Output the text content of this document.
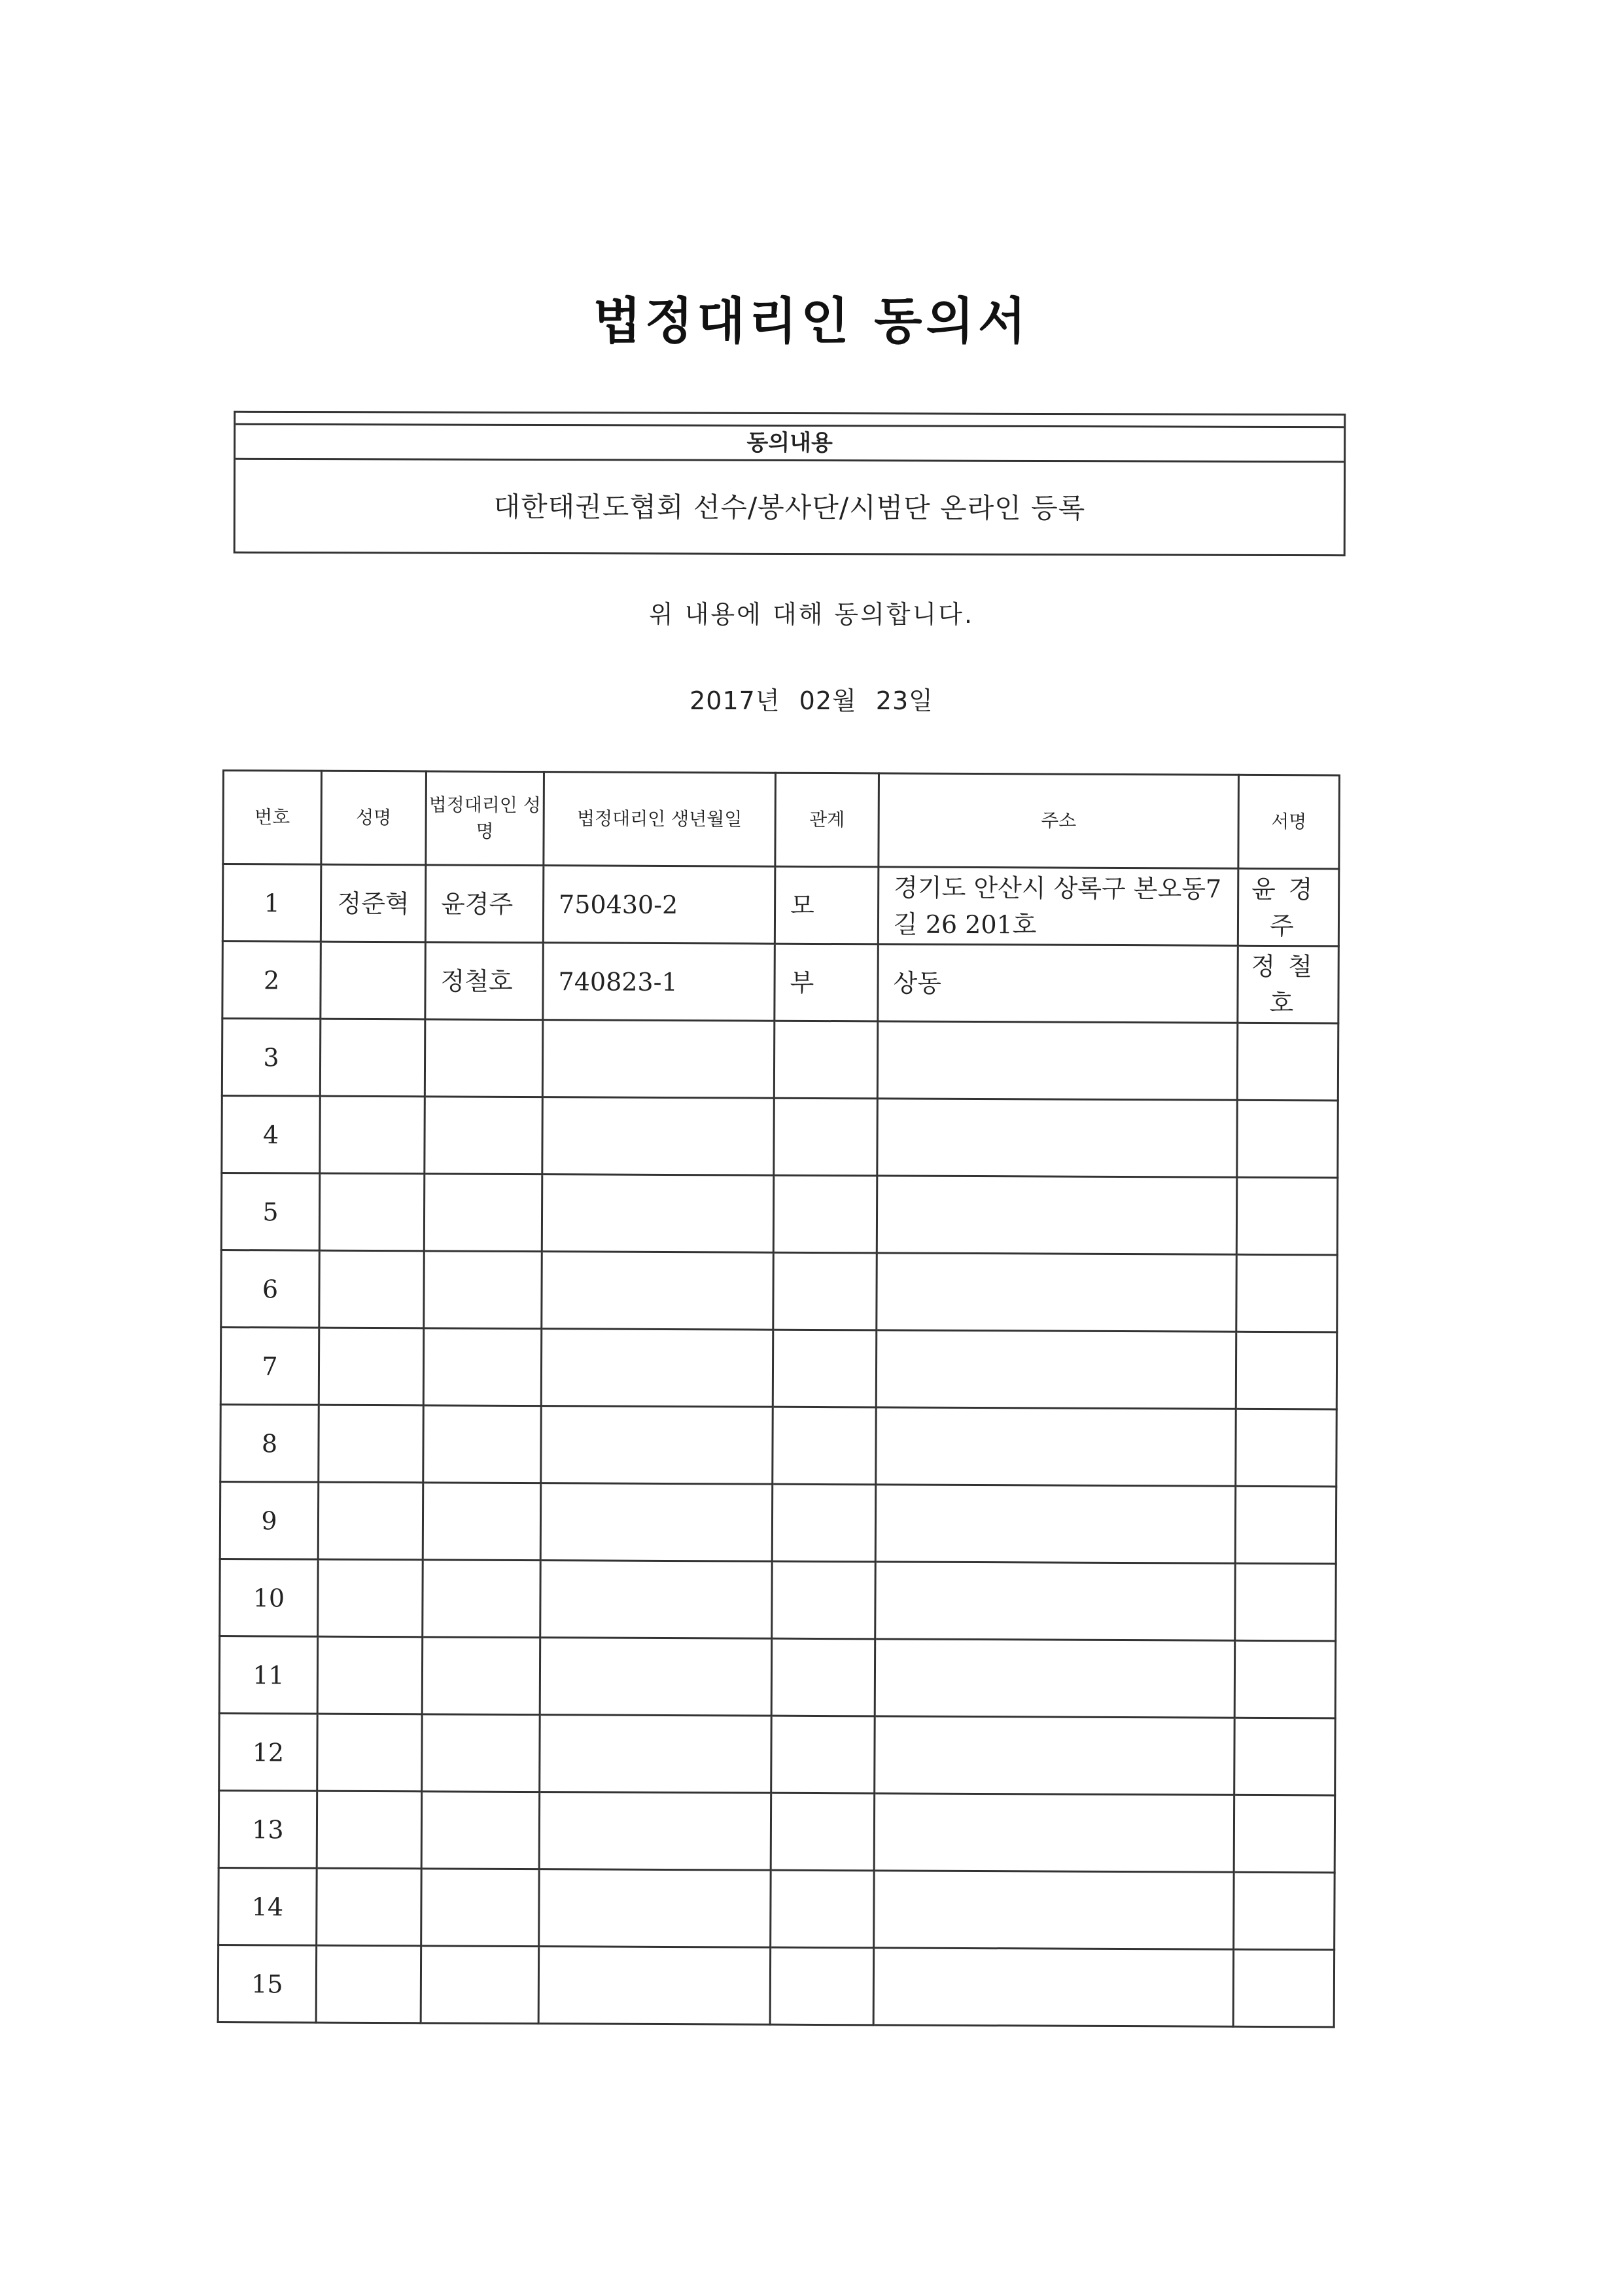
법정대리인 동의서
동의내용
대한태권도협회 선수/봉사단/시범단 온라인 등록
위 내용에 대해 동의합니다.
2017년 02월 23일
번호	성명	법정대리인 성명	법정대리인 생년월일	관계	주소	서명
1	정준혁	윤경주	750430-2	모	경기도 안산시 상록구 본오동7길 26 201호	윤경주
2		정철호	740823-1	부	상동	정철호
3						
4						
5						
6						
7						
8						
9						
10						
11						
12						
13						
14						
15						
